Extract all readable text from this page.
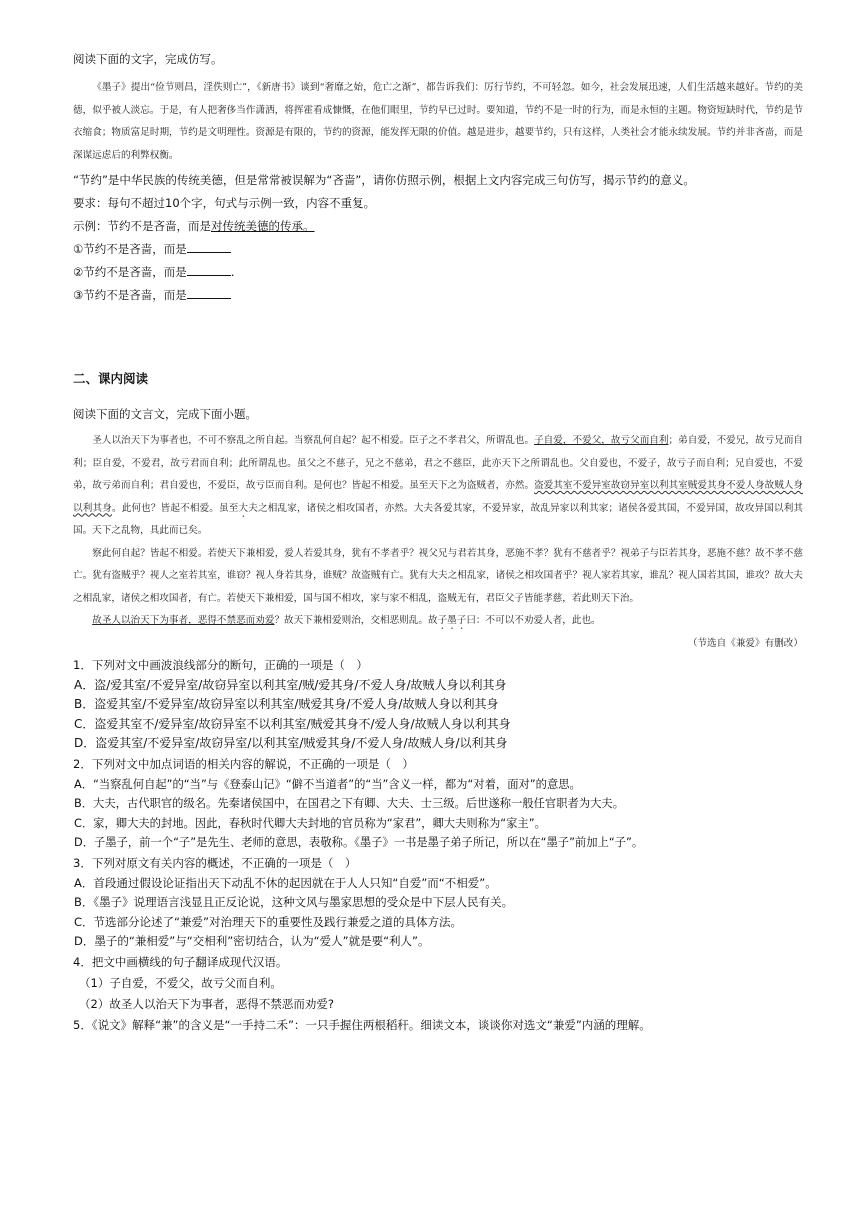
阅读下面的文字，完成仿写。

《墨子》提出“俭节则昌，淫佚则亡”，《新唐书》谈到“奢靡之始，危亡之渐”，都告诉我们：厉行节约，不可轻忽。如今，社会发展迅速，人们生活越来越好。节约的美德，似乎被人淡忘。于是，有人把奢侈当作潇洒，将挥霍看成慷慨，在他们眼里，节约早已过时。要知道，节约不是一时的行为，而是永恒的主题。物资短缺时代，节约是节衣缩食；物质富足时期，节约是文明理性。资源是有限的，节约的资源，能发挥无限的价值。越是进步，越要节约，只有这样，人类社会才能永续发展。节约并非吝啬，而是深谋远虑后的利弊权衡。

“节约”是中华民族的传统美德，但是常常被误解为“吝啬”，请你仿照示例，根据上文内容完成三句仿写，揭示节约的意义。
要求：每句不超过10个字，句式与示例一致，内容不重复。
示例：节约不是吝啬，而是对传统美德的传承。
①节约不是吝啬，而是
②节约不是吝啬，而是	.
③节约不是吝啬，而是
二、课内阅读
阅读下面的文言文，完成下面小题。

圣人以治天下为事者也，不可不察乱之所自起。当察乱何自起？起不相爱。臣子之不孝君父，所谓乱也。子自爱，不爱父，故亏父而自利；弟自爱，不爱兄，故亏兄而自利；臣自爱，不爱君，故亏君而自利；此所谓乱也。虽父之不慈子，兄之不慈弟，君之不慈臣，此亦天下之所谓乱也。父自爱也，不爱子，故亏子而自利；兄自爱也，不爱弟，故亏弟而自利；君自爱也，不爱臣，故亏臣而自利。是何也？皆起不相爱。虽至天下之为盗贼者，亦然。盗爱其室不爱异室故窃异室以利其室贼爱其身不爱人身故贼人身以利其身。此何也？皆起不相爱。虽至大夫之相乱家，诸侯之相攻国者，亦然。大夫各爱其家，不爱异家，故乱异家以利其家；诸侯各爱其国，不爱异国，故攻异国以利其国。天下之乱物，具此而已矣。

察此何自起？皆起不相爱。若使天下兼相爱，爱人若爱其身，犹有不孝者乎？视父兄与君若其身，恶施不孝？犹有不慈者乎？视弟子与臣若其身，恶施不慈？故不孝不慈亡。犹有盗贼乎？视人之室若其室，谁窃？视人身若其身，谁贼？故盗贼有亡。犹有大夫之相乱家，诸侯之相攻国者乎？视人家若其家，谁乱？视人国若其国，谁攻？故大夫之相乱家，诸侯之相攻国者，有亡。若使天下兼相爱，国与国不相攻，家与家不相乱，盗贼无有，君臣父子皆能孝慈，若此则天下治。

故圣人以治天下为事者，恶得不禁恶而劝爱？故天下兼相爱则治，交相恶则乱。故子墨子曰：不可以不劝爱人者，此也。

（节选自《兼爱》有删改）
1．下列对文中画波浪线部分的断句，正确的一项是（　）
A．盗/爱其室/不爱异室/故窃异室以利其室/贼/爱其身/不爱人身/故贼人身以利其身
B．盗爱其室/不爱异室/故窃异室以利其室/贼爱其身/不爱人身/故贼人身以利其身
C．盗爱其室不/爱异室/故窃异室不以利其室/贼爱其身不/爱人身/故贼人身以利其身
D．盗爱其室/不爱异室/故窃异室/以利其室/贼爱其身/不爱人身/故贼人身/以利其身
2．下列对文中加点词语的相关内容的解说，不正确的一项是（　）
A．“当察乱何自起”的“当”与《登泰山记》“僻不当道者”的“当”含义一样，都为“对着，面对”的意思。
B．大夫，古代职官的级名。先秦诸侯国中，在国君之下有卿、大夫、士三级。后世遂称一般任官职者为大夫。
C．家，卿大夫的封地。因此，春秋时代卿大夫封地的官员称为“家君”，卿大夫则称为“家主”。
D．子墨子，前一个“子”是先生、老师的意思，表敬称。《墨子》一书是墨子弟子所记，所以在“墨子”前加上“子”。
3．下列对原文有关内容的概述，不正确的一项是（　）
A．首段通过假设论证指出天下动乱不休的起因就在于人人只知“自爱”而“不相爱”。
B．《墨子》说理语言浅显且正反论说，这种文风与墨家思想的受众是中下层人民有关。
C．节选部分论述了“兼爱”对治理天下的重要性及践行兼爱之道的具体方法。
D．墨子的“兼相爱”与“交相利”密切结合，认为“爱人”就是要“利人”。
4．把文中画横线的句子翻译成现代汉语。
（1）子自爱，不爱父，故亏父而自利。
（2）故圣人以治天下为事者，恶得不禁恶而劝爱?
5．《说文》解释“兼”的含义是“一手持二禾”：一只手握住两根稻秆。细读文本，谈谈你对选文“兼爱”内涵的理解。
